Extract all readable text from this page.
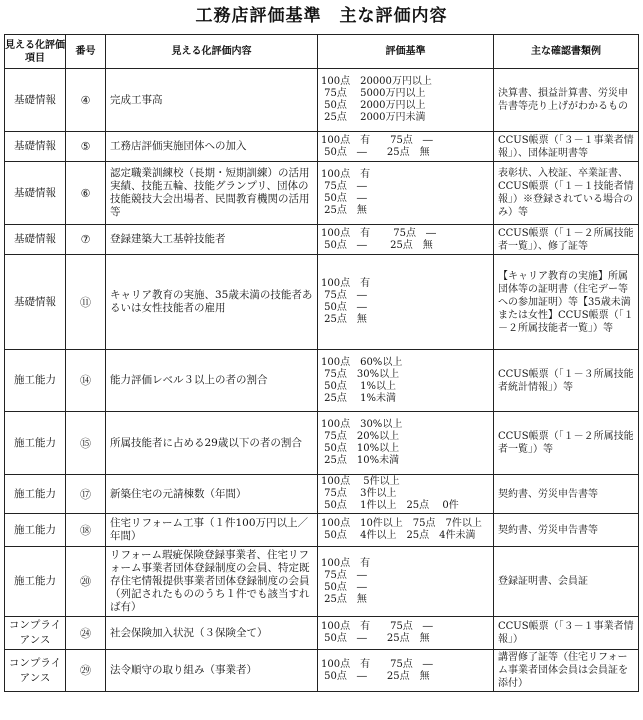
工務店評価基準　主な評価内容
見える化評価項目	番号	見える化評価内容	評価基準	主な確認書類例
基礎情報	④	完成工事高	100点　20000万円以上
75点　 5000万円以上
50点　 2000万円以上
25点　 2000万円未満	決算書、損益計算書、労災申告書等売り上げがわかるもの
基礎情報	⑤	工務店評価実施団体への加入	100点　有　　75点　―
50点　―　　25点　無	CCUS帳票（「３－１事業者情報」）、団体証明書等
基礎情報	⑥	認定職業訓練校（長期・短期訓練）の活用実績、技能五輪、技能グランプリ、団体の技能競技大会出場者、民間教育機関の活用等	100点　有
75点　―
50点　―
25点　無	表彰状、入校証、卒業証書、CCUS帳票（「１－１技能者情報」）※登録されている場合のみ）等
基礎情報	⑦	登録建築大工基幹技能者	100点　有　　 75点　―
50点　―　　 25点　無	CCUS帳票（「１－２所属技能者一覧」）、修了証等
基礎情報	⑪	キャリア教育の実施、35歳未満の技能者あるいは女性技能者の雇用	100点　有
75点　―
50点　―
25点　無	【キャリア教育の実施】所属団体等の証明書（住宅デー等への参加証明）等【35歳未満または女性】CCUS帳票（「１－２所属技能者一覧」）等
施工能力	⑭	能力評価レベル３以上の者の割合	100点　60%以上
75点　30%以上
50点　 1%以上
25点　 1%未満	CCUS帳票（「１－３所属技能者統計情報」）等
施工能力	⑮	所属技能者に占める29歳以下の者の割合	100点　30%以上
75点　20%以上
50点　10%以上
25点　10%未満	CCUS帳票（「１－２所属技能者一覧」）等
施工能力	⑰	新築住宅の元請棟数（年間）	100点　 5件以上
75点　 3件以上
50点　 1件以上　25点　 0件	契約書、労災申告書等
施工能力	⑱	住宅リフォーム工事（１件100万円以上／年間）	100点　10件以上　75点　7件以上
50点　 4件以上　25点　4件未満	契約書、労災申告書等
施工能力	⑳	リフォーム瑕疵保険登録事業者、住宅リフォーム事業者団体登録制度の会員、特定既存住宅情報提供事業者団体登録制度の会員（列記されたもののうち１件でも該当すれば有）	100点　有
75点　―
50点　―
25点　無	登録証明書、会員証
コンプライアンス	㉔	社会保険加入状況（３保険全て）	100点　有　　75点　―
50点　―　　25点　無	CCUS帳票（「３－１事業者情報」）
コンプライアンス	㉙	法令順守の取り組み（事業者）	100点　有　　75点　―
50点　―　　25点　無	講習修了証等（住宅リフォーム事業者団体会員は会員証を添付）
